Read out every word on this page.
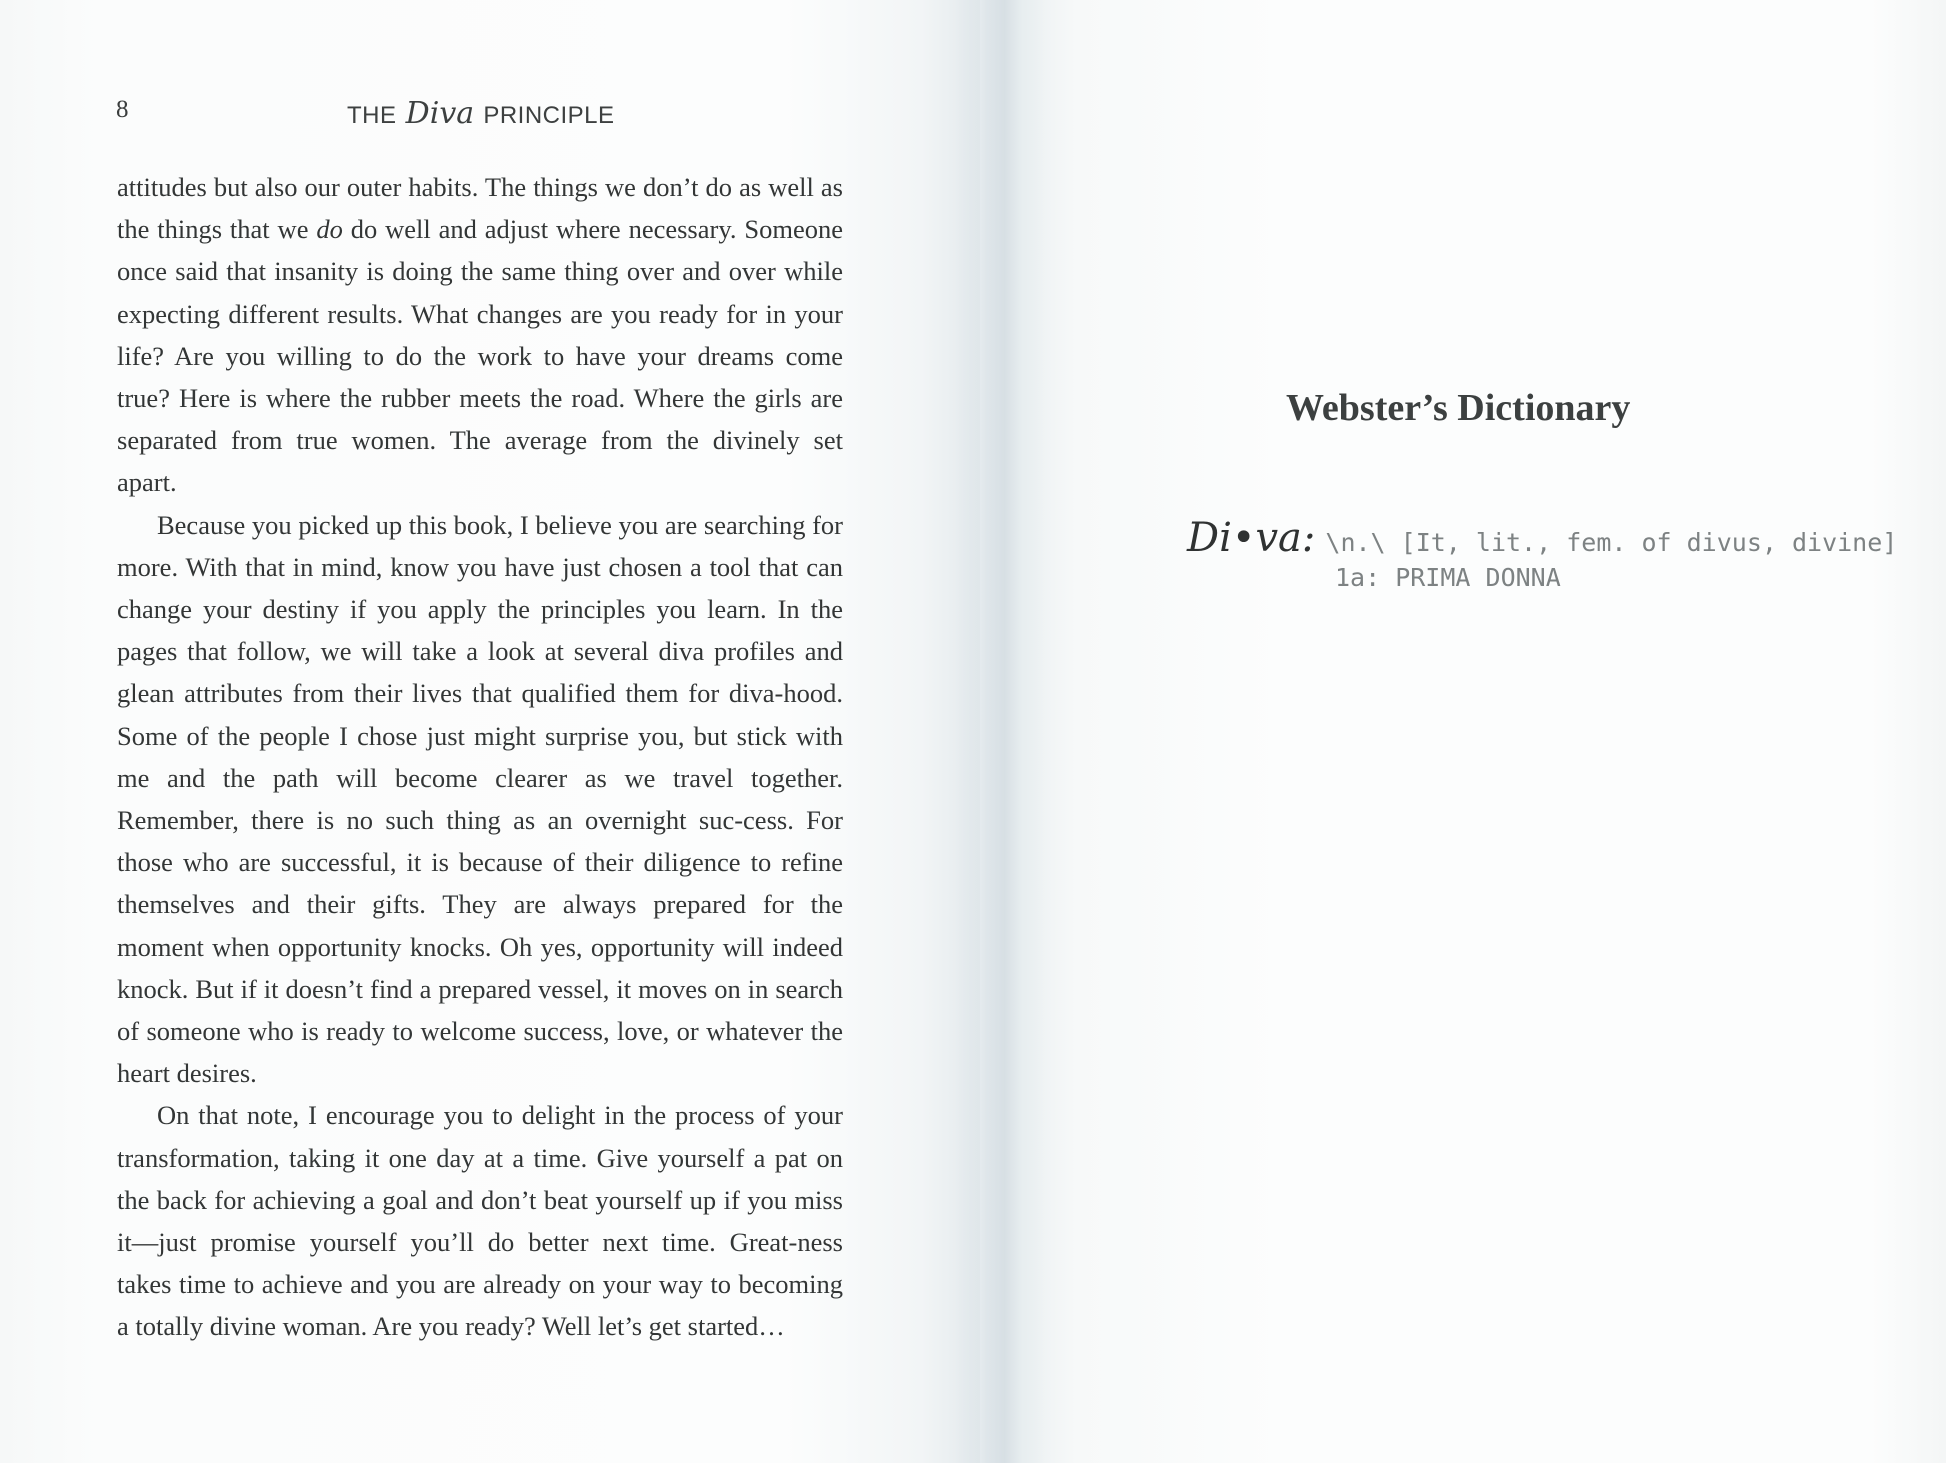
8	THE Diva PRINCIPLE

attitudes but also our outer habits. The things we don’t do as well as the things that we do do well and adjust where necessary. Someone once said that insanity is doing the same thing over and over while expecting different results. What changes are you ready for in your life? Are you willing to do the work to have your dreams come true? Here is where the rubber meets the road. Where the girls are separated from true women. The average from the divinely set apart.

Because you picked up this book, I believe you are searching for more. With that in mind, know you have just chosen a tool that can change your destiny if you apply the principles you learn. In the pages that follow, we will take a look at several diva profiles and glean attributes from their lives that qualified them for diva-hood. Some of the people I chose just might surprise you, but stick with me and the path will become clearer as we travel together. Remember, there is no such thing as an overnight suc-cess. For those who are successful, it is because of their diligence to refine themselves and their gifts. They are always prepared for the moment when opportunity knocks. Oh yes, opportunity will indeed knock. But if it doesn’t find a prepared vessel, it moves on in search of someone who is ready to welcome success, love, or whatever the heart desires.

On that note, I encourage you to delight in the process of your transformation, taking it one day at a time. Give yourself a pat on the back for achieving a goal and don’t beat yourself up if you miss it—just promise yourself you’ll do better next time. Great-ness takes time to achieve and you are already on your way to becoming a totally divine woman. Are you ready? Well let’s get started…

Webster’s Dictionary
Di•va: \n.\ [It, lit., fem. of divus, divine]
1a: PRIMA DONNA
